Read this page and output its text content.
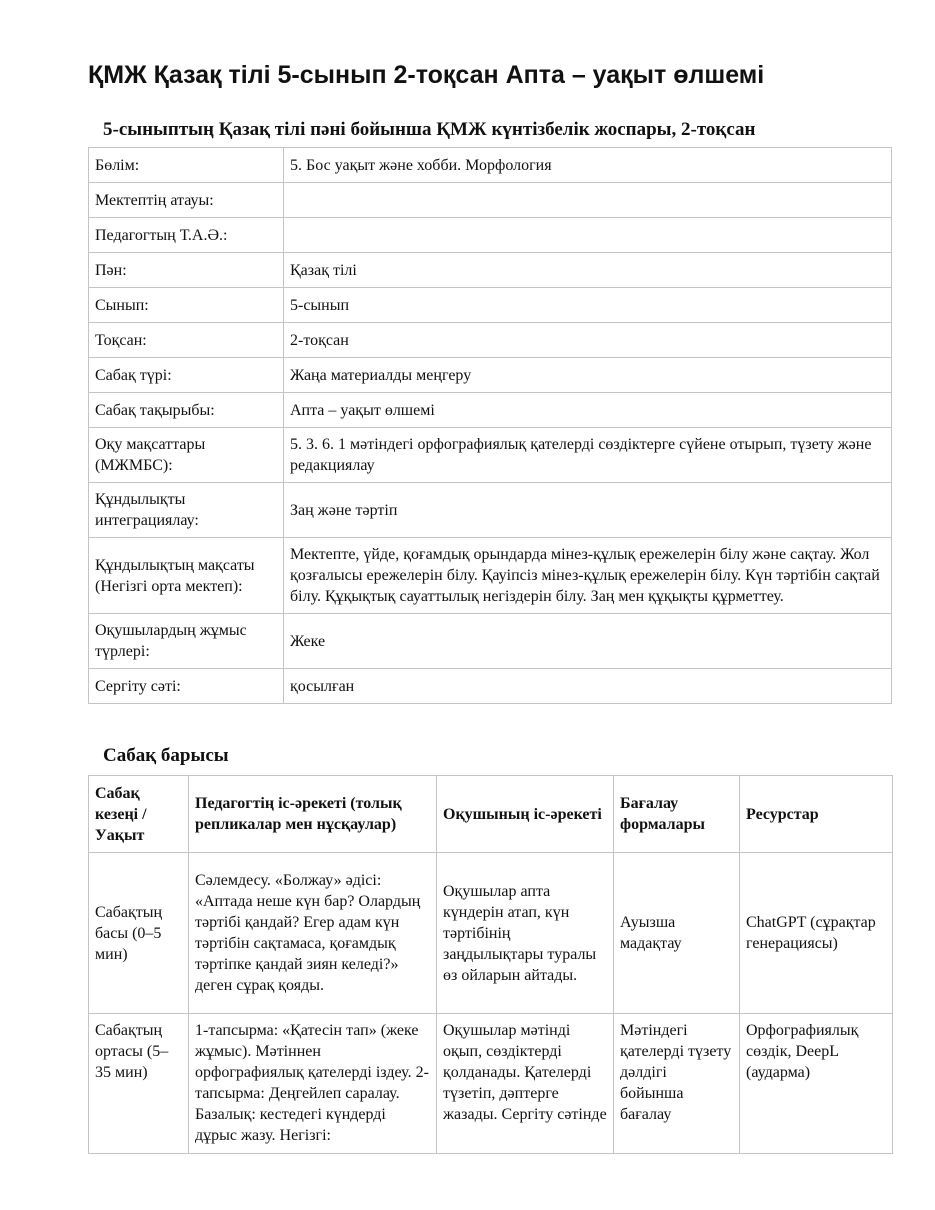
ҚМЖ Қазақ тілі 5-сынып 2-тоқсан Апта – уақыт өлшемі
5-сыныптың Қазақ тілі пәні бойынша ҚМЖ күнтізбелік жоспары, 2-тоқсан
Бөлім:	5. Бос уақыт және хобби. Морфология
Мектептің атауы:	
Педагогтың Т.А.Ә.:	
Пән:	Қазақ тілі
Сынып:	5-сынып
Тоқсан:	2-тоқсан
Сабақ түрі:	Жаңа материалды меңгеру
Сабақ тақырыбы:	Апта – уақыт өлшемі
Оқу мақсаттары (МЖМБС):	5. 3. 6. 1 мәтіндегі орфографиялық қателерді сөздіктерге сүйене отырып, түзету және редакциялау
Құндылықты интеграциялау:	Заң және тәртіп
Құндылықтың мақсаты (Негізгі орта мектеп):	Мектепте, үйде, қоғамдық орындарда мінез-құлық ережелерін білу және сақтау. Жол қозғалысы ережелерін білу. Қауіпсіз мінез-құлық ережелерін білу. Күн тәртібін сақтай білу. Құқықтық сауаттылық негіздерін білу. Заң мен құқықты құрметтеу.
Оқушылардың жұмыс түрлері:	Жеке
Сергіту сәті:	қосылған
Сабақ барысы
Сабақ кезеңі / Уақыт	Педагогтің іс-әрекеті (толық репликалар мен нұсқаулар)	Оқушының іс-әрекеті	Бағалау формалары	Ресурстар
Сабақтың басы (0–5 мин)	Сәлемдесу. «Болжау» әдісі: «Аптада неше күн бар? Олардың тәртібі қандай? Егер адам күн тәртібін сақтамаса, қоғамдық тәртіпке қандай зиян келеді?» деген сұрақ қояды.	Оқушылар апта күндерін атап, күн тәртібінің заңдылықтары туралы өз ойларын айтады.	Ауызша мадақтау	ChatGPT (сұрақтар генерациясы)
Сабақтың ортасы (5–35 мин)	1-тапсырма: «Қатесін тап» (жеке жұмыс). Мәтіннен орфографиялық қателерді іздеу. 2-тапсырма: Деңгейлеп саралау. Базалық: кестедегі күндерді дұрыс жазу. Негізгі:	Оқушылар мәтінді оқып, сөздіктерді қолданады. Қателерді түзетіп, дәптерге жазады. Сергіту сәтінде	Мәтіндегі қателерді түзету дәлдігі бойынша бағалау	Орфографиялық сөздік, DeepL (аударма)
